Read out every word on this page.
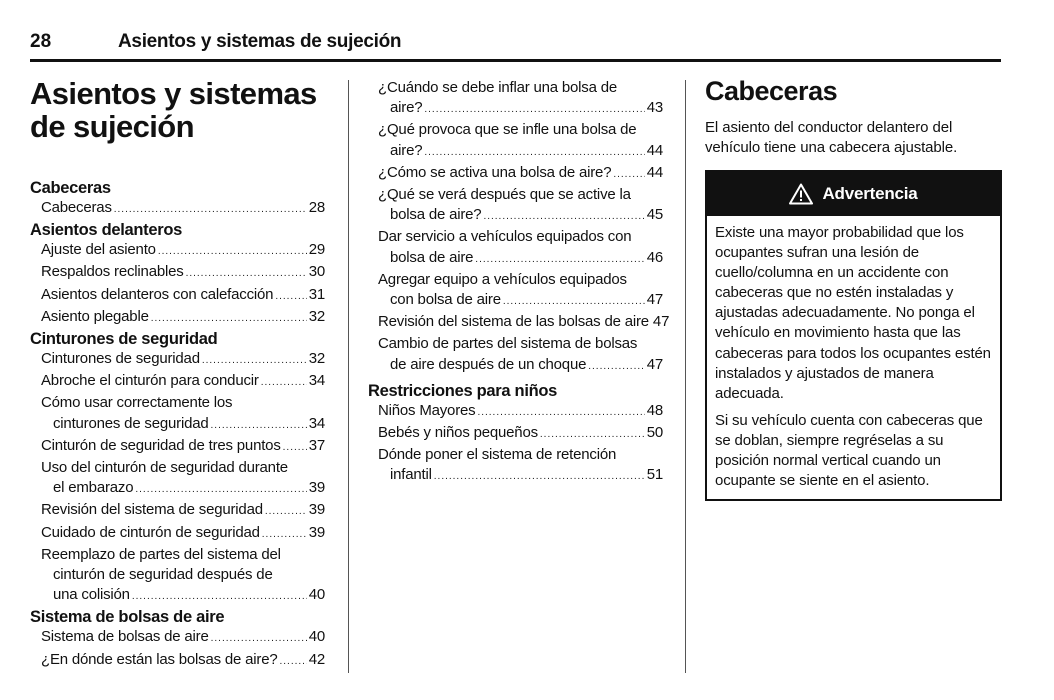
28	Asientos y sistemas de sujeción
Asientos y sistemas
de sujeción
Cabeceras
Cabeceras .....	28
Asientos delanteros
Ajuste del asiento .....	29
Respaldos reclinables .....	30
Asientos delanteros con calefacción ..... 31
Asiento plegable .....	32
Cinturones de seguridad
Cinturones de seguridad .....	32
Abroche el cinturón para conducir .....	34
Cómo usar correctamente los
cinturones de seguridad .....	34
Cinturón de seguridad de tres puntos ..... 37
Uso del cinturón de seguridad durante
el embarazo .....	39
Revisión del sistema de seguridad .....	39
Cuidado de cinturón de seguridad .....	39
Reemplazo de partes del sistema del
cinturón de seguridad después de
una colisión .....	40
Sistema de bolsas de aire
Sistema de bolsas de aire .....	40
¿En dónde están las bolsas de aire? ..... 42
¿Cuándo se debe inflar una bolsa de
aire? .....	43
¿Qué provoca que se infle una bolsa de
aire? .....	44
¿Cómo se activa una bolsa de aire? ..... 44
¿Qué se verá después que se active la
bolsa de aire? .....	45
Dar servicio a vehículos equipados con
bolsa de aire .....	46
Agregar equipo a vehículos equipados
con bolsa de aire .....	47
Revisión del sistema de las bolsas de aire 47
Cambio de partes del sistema de bolsas
de aire después de un choque .....	47
Restricciones para niños
Niños Mayores .....	48
Bebés y niños pequeños .....	50
Dónde poner el sistema de retención
infantil .....	51
Cabeceras
El asiento del conductor delantero del vehículo tiene una cabecera ajustable.
Advertencia

Existe una mayor probabilidad que los ocupantes sufran una lesión de cuello/columna en un accidente con cabeceras que no estén instaladas y ajustadas adecuadamente. No ponga el vehículo en movimiento hasta que las cabeceras para todos los ocupantes estén instalados y ajustados de manera adecuada.

Si su vehículo cuenta con cabeceras que se doblan, siempre regréselas a su posición normal vertical cuando un ocupante se siente en el asiento.
